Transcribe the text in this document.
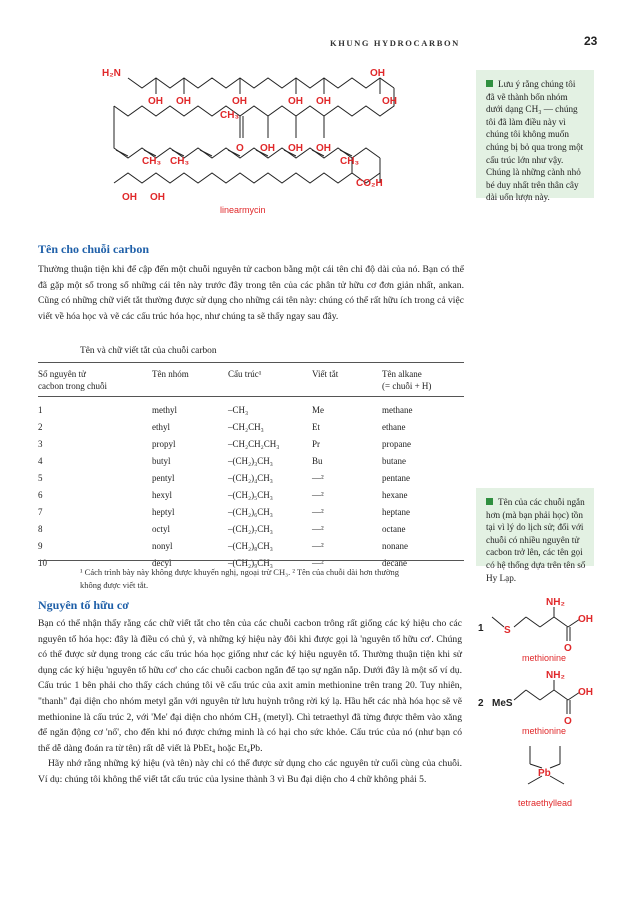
KHUNG HYDROCARBON	23
H₂N	OH
OH OH	OH	OH OH	OH
CH₃
O OH OH OH
CH₃ CH₃	CH₃
CO₂H
OH OH
linearmycin
Lưu ý rằng chúng tôi đã vẽ thành bốn nhóm dưới dạng CH₃ — chúng tôi đã làm điều này vì chúng tôi không muốn chúng bị bỏ qua trong một cấu trúc lớn như vậy. Chúng là những cành nhỏ bé duy nhất trên thân cây dài uốn lượn này.
Tên cho chuỗi carbon

Thường thuận tiện khi để cập đến một chuỗi nguyên tử cacbon bằng một cái tên chỉ độ dài của nó. Bạn có thể đã gặp một số trong số những cái tên này trước đây trong tên của các phân tử hữu cơ đơn giản nhất, ankan. Cũng có những chữ viết tắt thường được sử dụng cho những cái tên này: chúng có thể rất hữu ích trong cả việc viết về hóa học và vẽ các cấu trúc hóa học, như chúng ta sẽ thấy ngay sau đây.

Tên và chữ viết tắt của chuỗi carbon
Số nguyên tử
cacbon trong chuỗi	Tên nhóm	Cấu trúc¹	Viết tắt	Tên alkane
(= chuỗi + H)

1	methyl	–CH₃	Me	methane
2	ethyl	–CH₂CH₃	Et	ethane
3	propyl	–CH₂CH₂CH₃	Pr	propane
4	butyl	–(CH₂)₃CH₃	Bu	butane
5	pentyl	–(CH₂)₄CH₃	—²	pentane
6	hexyl	–(CH₂)₅CH₃	—²	hexane
7	heptyl	–(CH₂)₆CH₃	—²	heptane
8	octyl	–(CH₂)₇CH₃	—²	octane
9	nonyl	–(CH₂)₈CH₃	—²	nonane
10	decyl	–(CH₂)₉CH₃	—²	decane
¹ Cách trình bày này không được khuyến nghị, ngoại trừ CH₃. ² Tên của chuỗi dài hơn thường không được viết tắt.
Tên của các chuỗi ngắn hơn (mà bạn phải học) tồn tại vì lý do lịch sử; đối với chuỗi có nhiều nguyên tử cacbon trở lên, các tên gọi có hệ thống dựa trên tên số Hy Lạp.
Nguyên tố hữu cơ

Bạn có thể nhận thấy rằng các chữ viết tắt cho tên của các chuỗi cacbon trông rất giống các ký hiệu cho các nguyên tố hóa học: đây là điều có chủ ý, và những ký hiệu này đôi khi được gọi là 'nguyên tố hữu cơ'. Chúng có thể được sử dụng trong các cấu trúc hóa học giống như các ký hiệu nguyên tố. Thường thuận tiện khi sử dụng các ký hiệu 'nguyên tố hữu cơ' cho các chuỗi cacbon ngắn để tạo sự ngăn nắp. Dưới đây là một số ví dụ. Cấu trúc 1 bên phải cho thấy cách chúng tôi vẽ cấu trúc của axit amin methionine trên trang 20. Tuy nhiên, "thanh" đại diện cho nhóm metyl gắn với nguyên tử lưu huỳnh trông rời ký lạ. Hầu hết các nhà hóa học sẽ vẽ methionine là cấu trúc 2, với 'Me' đại diện cho nhóm CH₃ (metyl). Chì tetraethyl đã từng được thêm vào xăng để ngăn động cơ 'nổ', cho đến khi nó được chứng minh là có hại cho sức khỏe. Cấu trúc của nó (như bạn có thể dễ dàng đoán ra từ tên) rất dễ viết là PbEt₄ hoặc Et₄Pb.

Hãy nhớ rằng những ký hiệu (và tên) này chỉ có thể được sử dụng cho các nguyên tử cuối cùng của chuỗi. Ví dụ: chúng tôi không thể viết tắt cấu trúc của lysine thành 3 vì Bu đại diện cho 4 chữ không phải 5.

1 S
NH₂
OH
O
methionine
2 MeS
NH₂
OH
O
methionine
Pb
tetraethyllead
